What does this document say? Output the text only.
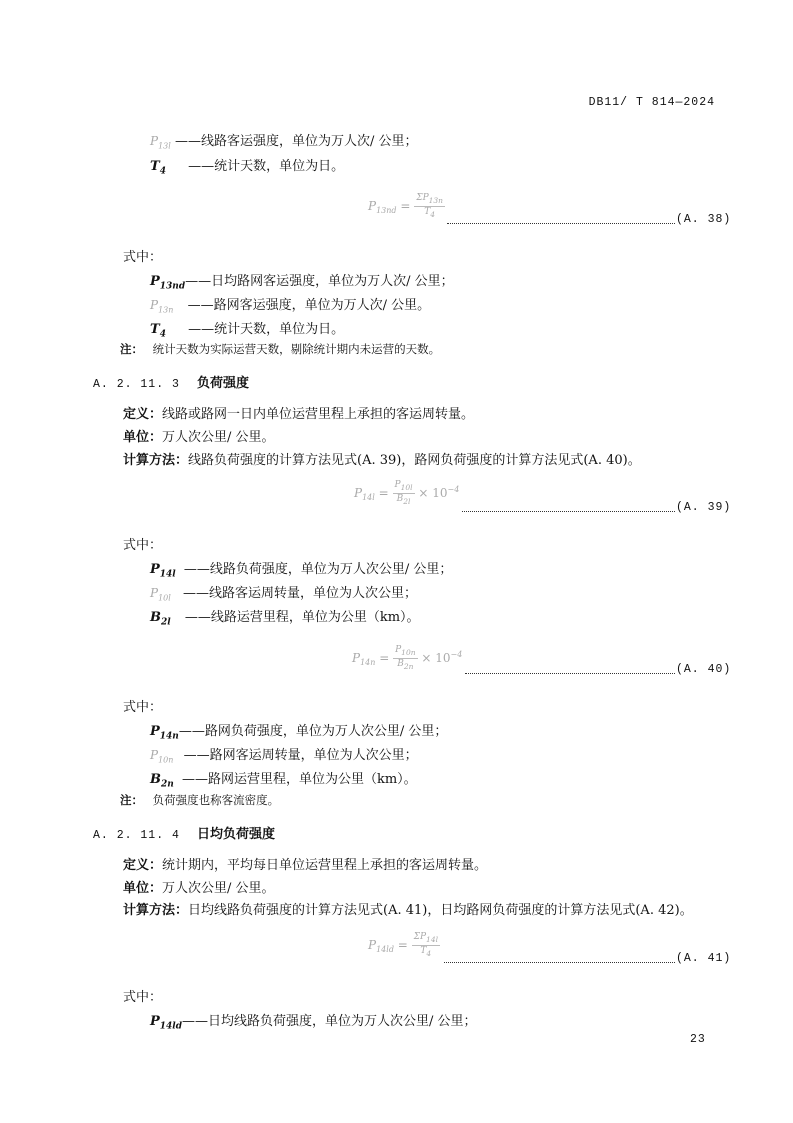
DB11/ T 814—2024
$P_{13l}$ ——线路客运强度，单位为万人次/ 公里；
$T_4$ ——统计天数，单位为日。
$P_{13nd} = \frac{\Sigma P_{13n}}{T_4}$	(A. 38)
式中：
$P_{13nd}——$日均路网客运强度，单位为万人次/ 公里；
$P_{13n}$ ——路网客运强度，单位为万人次/ 公里。
$T_4$ ——统计天数，单位为日。
注： 统计天数为实际运营天数，剔除统计期内未运营的天数。
A. 2. 11. 3 负荷强度
定义：线路或路网一日内单位运营里程上承担的客运周转量。
单位：万人次公里/ 公里。
计算方法：线路负荷强度的计算方法见式(A. 39)，路网负荷强度的计算方法见式(A. 40)。
$P_{14l} = \frac{P_{10l}}{B_{2l}} \times 10^{-4}$
(A. 39)
式中：
$P_{14l}$ ——线路负荷强度，单位为万人次公里/ 公里；
$P_{10l}$ ——线路客运周转量，单位为人次公里；
$B_{2l}$ ——线路运营里程，单位为公里（km）。
$P_{14n} = \frac{P_{10n}}{B_{2n}} \times 10^{-4}$
(A. 40)
式中：
$P_{14n}——$路网负荷强度，单位为万人次公里/ 公里；
$P_{10n}$ ——路网客运周转量，单位为人次公里；
$B_{2n}$ ——路网运营里程，单位为公里（km）。
注： 负荷强度也称客流密度。
A. 2. 11. 4 日均负荷强度
定义：统计期内，平均每日单位运营里程上承担的客运周转量。
单位：万人次公里/ 公里。
计算方法：日均线路负荷强度的计算方法见式(A. 41)，日均路网负荷强度的计算方法见式(A. 42)。
$P_{14ld} = \frac{\Sigma P_{14l}}{T_4}$	(A. 41)
式中：
$P_{14ld}——$日均线路负荷强度，单位为万人次公里/ 公里；
23
